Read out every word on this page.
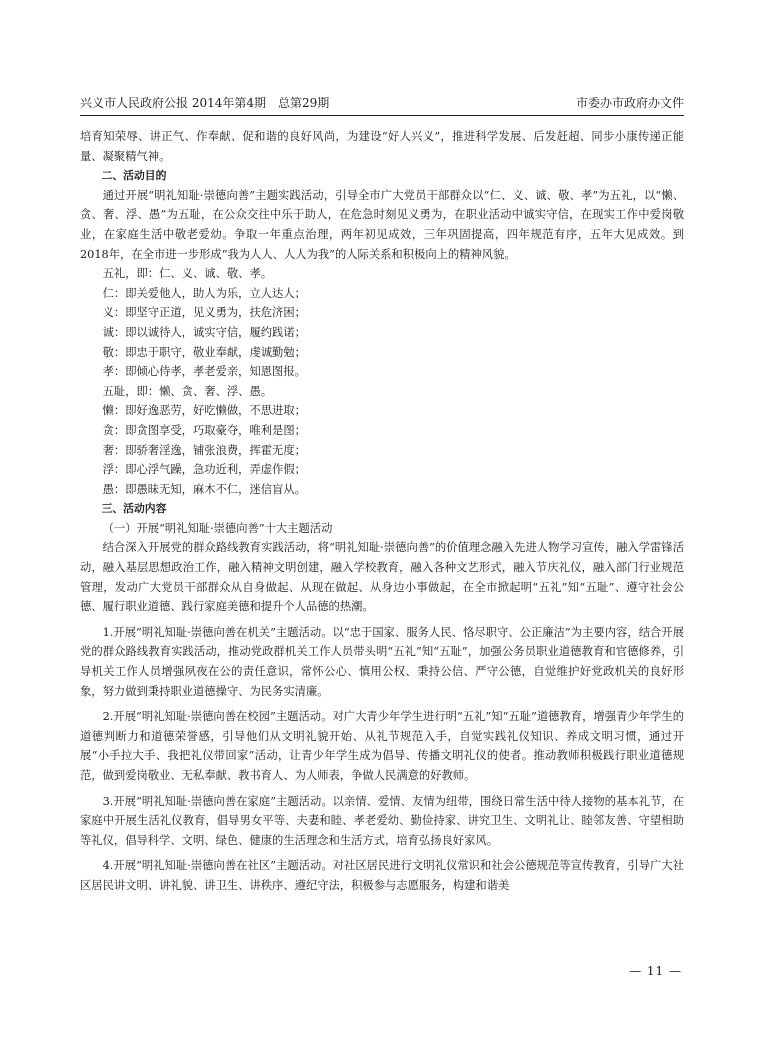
兴义市人民政府公报 2014年第4期　总第29期	市委办市政府办文件

培育知荣辱、讲正气、作奉献、促和谐的良好风尚，为建设“好人兴义”，推进科学发展、后发赶超、同步小康传递正能量、凝聚精气神。

二、活动目的

通过开展“明礼知耻·崇德向善”主题实践活动，引导全市广大党员干部群众以“仁、义、诚、敬、孝”为五礼，以“懒、贪、奢、浮、愚”为五耻，在公众交往中乐于助人，在危急时刻见义勇为，在职业活动中诚实守信，在现实工作中爱岗敬业，在家庭生活中敬老爱幼。争取一年重点治理，两年初见成效，三年巩固提高，四年规范有序，五年大见成效。到2018年，在全市进一步形成“我为人人、人人为我”的人际关系和积极向上的精神风貌。

五礼，即：仁、义、诚、敬、孝。

仁：即关爱他人，助人为乐，立人达人；

义：即坚守正道，见义勇为，扶危济困；

诚：即以诚待人，诚实守信，履约践诺；

敬：即忠于职守，敬业奉献，虔诚勤勉；

孝：即倾心侍孝，孝老爱亲，知恩图报。

五耻，即：懒、贪、奢、浮、愚。

懒：即好逸恶劳，好吃懒做，不思进取；

贪：即贪图享受，巧取豪夺，唯利是图；

奢：即骄奢淫逸，铺张浪费，挥霍无度；

浮：即心浮气躁，急功近利，弄虚作假；

愚：即愚昧无知，麻木不仁，迷信盲从。

三、活动内容

（一）开展“明礼知耻·崇德向善”十大主题活动

结合深入开展党的群众路线教育实践活动，将“明礼知耻·崇德向善”的价值理念融入先进人物学习宣传，融入学雷锋活动，融入基层思想政治工作，融入精神文明创建，融入学校教育，融入各种文艺形式，融入节庆礼仪，融入部门行业规范管理，发动广大党员干部群众从自身做起、从现在做起、从身边小事做起，在全市掀起明“五礼”知“五耻”、遵守社会公德、履行职业道德、践行家庭美德和提升个人品德的热潮。

1.开展“明礼知耻·崇德向善在机关”主题活动。以“忠于国家、服务人民、恪尽职守、公正廉洁”为主要内容，结合开展党的群众路线教育实践活动，推动党政群机关工作人员带头明“五礼”知“五耻”，加强公务员职业道德教育和官德修养，引导机关工作人员增强夙夜在公的责任意识，常怀公心、慎用公权、秉持公信、严守公德，自觉维护好党政机关的良好形象，努力做到秉持职业道德操守、为民务实清廉。

2.开展“明礼知耻·崇德向善在校园”主题活动。对广大青少年学生进行明“五礼”知“五耻”道德教育，增强青少年学生的道德判断力和道德荣誉感，引导他们从文明礼貌开始、从礼节规范入手，自觉实践礼仪知识、养成文明习惯，通过开展“小手拉大手、我把礼仪带回家”活动，让青少年学生成为倡导、传播文明礼仪的使者。推动教师积极践行职业道德规范，做到爱岗敬业、无私奉献、教书育人、为人师表，争做人民满意的好教师。

3.开展“明礼知耻·崇德向善在家庭”主题活动。以亲情、爱情、友情为纽带，围绕日常生活中待人接物的基本礼节，在家庭中开展生活礼仪教育，倡导男女平等、夫妻和睦、孝老爱幼、勤俭持家、讲究卫生、文明礼让、睦邻友善、守望相助等礼仪，倡导科学、文明、绿色、健康的生活理念和生活方式，培育弘扬良好家风。

4.开展“明礼知耻·崇德向善在社区”主题活动。对社区居民进行文明礼仪常识和社会公德规范等宣传教育，引导广大社区居民讲文明、讲礼貌、讲卫生、讲秩序、遵纪守法，积极参与志愿服务，构建和谐美

— 11 —
